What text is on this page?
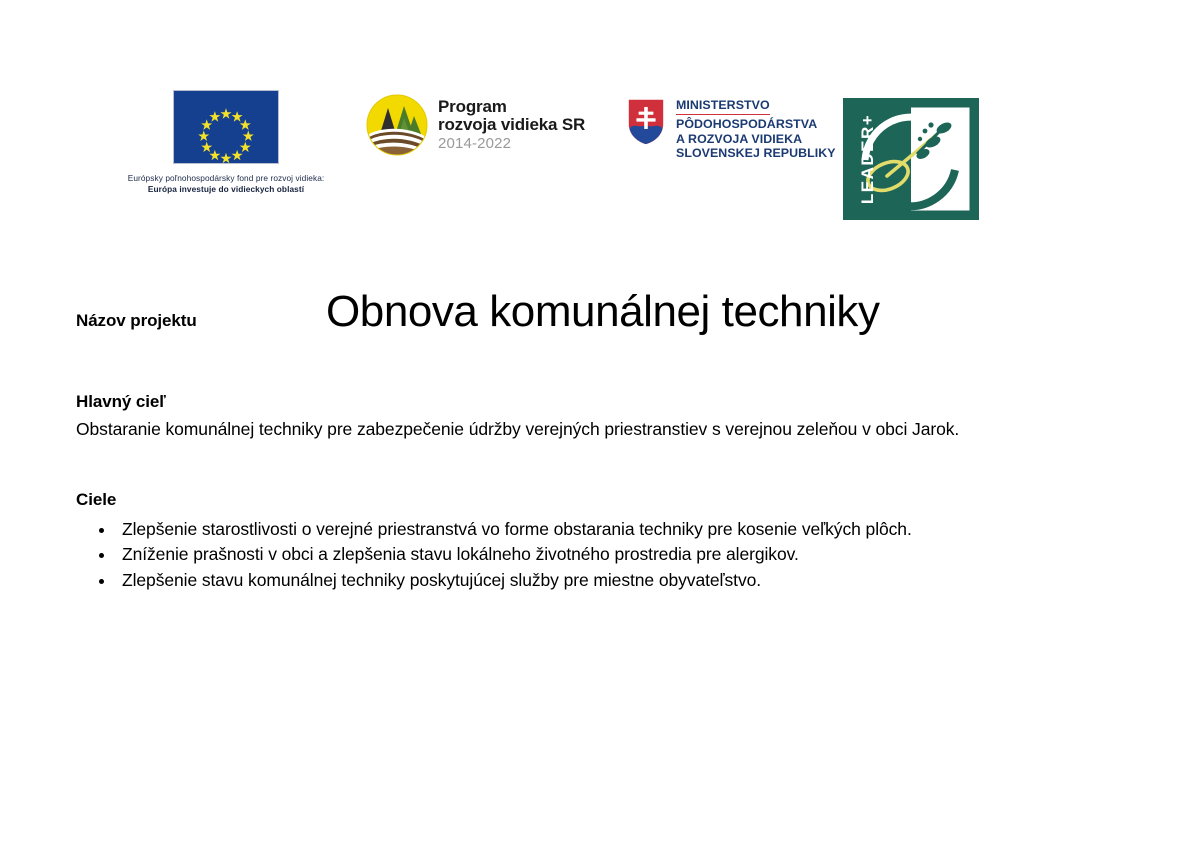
Európsky poľnohospodársky fond pre rozvoj vidieka:
Európa investuje do vidieckych oblastí
Program
rozvoja vidieka SR
2014-2022
MINISTERSTVO
PÔDOHOSPODÁRSTVA
A ROZVOJA VIDIEKA
SLOVENSKEJ REPUBLIKY LEADER+
Názov projektu	Obnova komunálnej techniky
Hlavný cieľ

Obstaranie komunálnej techniky pre zabezpečenie údržby verejných priestranstiev s verejnou zeleňou v obci Jarok.

Ciele
Zlepšenie starostlivosti o verejné priestranstvá vo forme obstarania techniky pre kosenie veľkých plôch.
Zníženie prašnosti v obci a zlepšenia stavu lokálneho životného prostredia pre alergikov.
Zlepšenie stavu komunálnej techniky poskytujúcej služby pre miestne obyvateľstvo.
